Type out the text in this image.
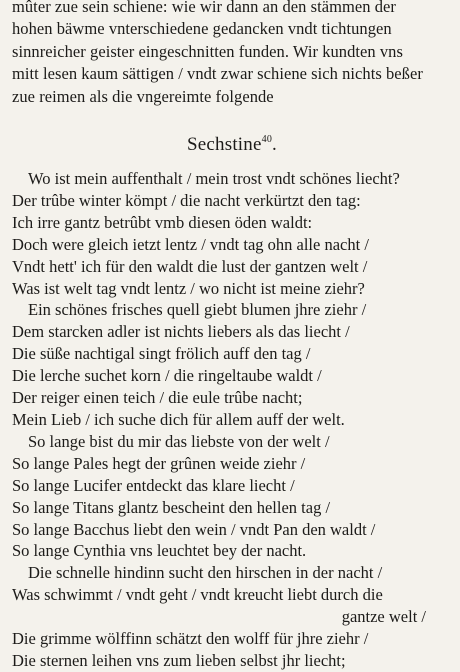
mûter zue sein schiene: wie wir dann an den stämmen der
hohen bäwme vnterschiedene gedancken vndt tichtungen
sinnreicher geister eingeschnitten funden. Wir kundten vns
mitt lesen kaum sättigen / vndt zwar schiene sich nichts beßer
zue reimen als die vngereimte folgende
Sechstine$^{40}$.
Wo ist mein auffenthalt / mein trost vndt schönes liecht?
Der trûbe winter kömpt / die nacht verkürtzt den tag:
Ich irre gantz betrûbt vmb diesen öden waldt:
Doch were gleich ietzt lentz / vndt tag ohn alle nacht /
Vndt hett' ich für den waldt die lust der gantzen welt /
Was ist welt tag vndt lentz / wo nicht ist meine ziehr?
Ein schönes frisches quell giebt blumen jhre ziehr /
Dem starcken adler ist nichts liebers als das liecht /
Die süße nachtigal singt frölich auff den tag /
Die lerche suchet korn / die ringeltaube waldt /
Der reiger einen teich / die eule trûbe nacht;
Mein Lieb / ich suche dich für allem auff der welt.
So lange bist du mir das liebste von der welt /
So lange Pales hegt der grûnen weide ziehr /
So lange Lucifer entdeckt das klare liecht /
So lange Titans glantz bescheint den hellen tag /
So lange Bacchus liebt den wein / vndt Pan den waldt /
So lange Cynthia vns leuchtet bey der nacht.
Die schnelle hindinn sucht den hirschen in der nacht /
Was schwimmt / vndt geht / vndt kreucht liebt durch die
gantze welt /
Die grimme wölffinn schätzt den wolff für jhre ziehr /
Die sternen leihen vns zum lieben selbst jhr liecht;
